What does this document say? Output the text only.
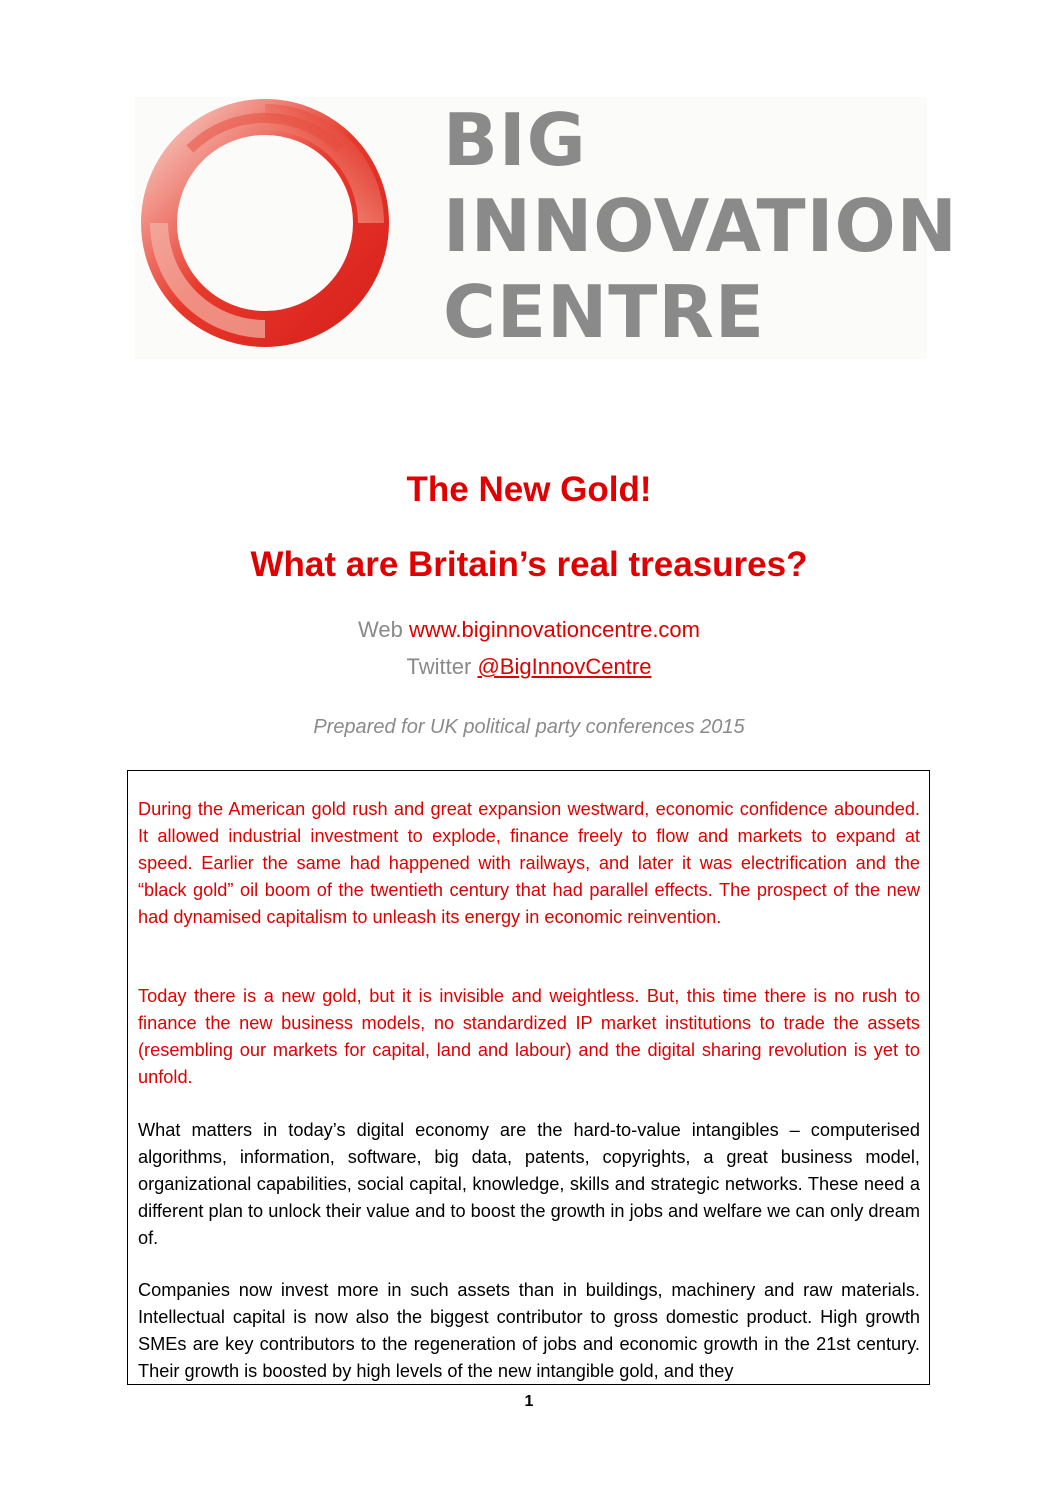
BIG
INNOVATION
CENTRE
The New Gold!
What are Britain’s real treasures?
Web www.biginnovationcentre.com
Twitter @BigInnovCentre
Prepared for UK political party conferences 2015

During the American gold rush and great expansion westward, economic confidence abounded. It allowed industrial investment to explode, finance freely to flow and markets to expand at speed. Earlier the same had happened with railways, and later it was electrification and the “black gold” oil boom of the twentieth century that had parallel effects. The prospect of the new had dynamised capitalism to unleash its energy in economic reinvention.

Today there is a new gold, but it is invisible and weightless. But, this time there is no rush to finance the new business models, no standardized IP market institutions to trade the assets (resembling our markets for capital, land and labour) and the digital sharing revolution is yet to unfold.

What matters in today’s digital economy are the hard-to-value intangibles – computerised algorithms, information, software, big data, patents, copyrights, a great business model, organizational capabilities, social capital, knowledge, skills and strategic networks. These need a different plan to unlock their value and to boost the growth in jobs and welfare we can only dream of.

Companies now invest more in such assets than in buildings, machinery and raw materials. Intellectual capital is now also the biggest contributor to gross domestic product. High growth SMEs are key contributors to the regeneration of jobs and economic growth in the 21st century. Their growth is boosted by high levels of the new intangible gold, and they

1
